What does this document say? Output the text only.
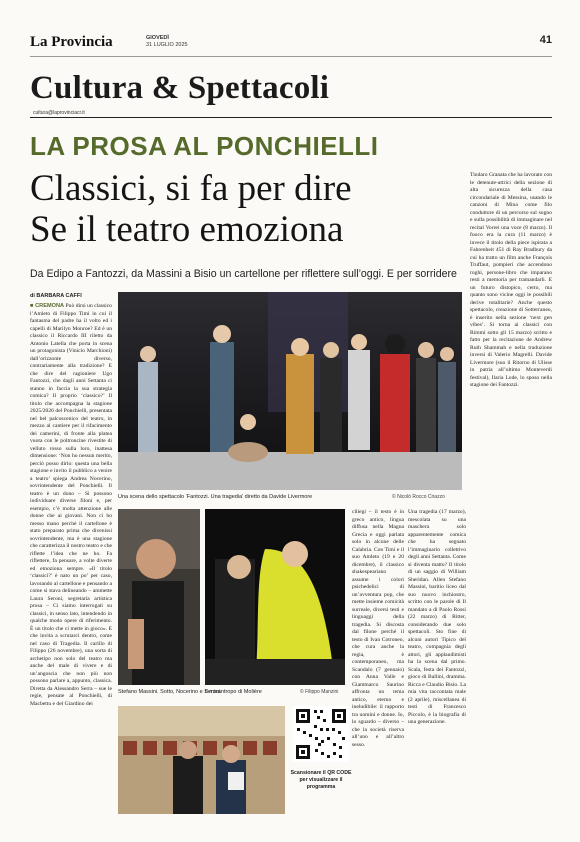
La Provincia	GIOVEDÌ
31 LUGLIO 2025	41
Cultura & Spettacoli
cultura@laprovinciacr.it
LA PROSA AL PONCHIELLI
Classici, si fa per dire
Se il teatro emoziona
Da Edipo a Fantozzi, da Massini a Bisio un cartellone per riflettere sull’oggi. E per sorridere
di BARBARA CAFFI
■ CREMONA Può dirsi un classico l’Amleto di Filippo Timi in cui il fantasma del padre ha il volto ed i capelli di Marilyn Monroe? Ed è un classico il Riccardo III riletto da Antonio Latella che porta in scena un protagonista (Vinicio Marchioni) dall’orizzonte diverso, contrariamente alla tradizione? E che dire del ragioniere Ugo Fantozzi, che dagli anni Settanta ci stanno in faccia la sua strategia comica? Il proprio ‘classico?’ Il titolo che accompagna la stagione 2025/2026 del Ponchielli, presentata nel bel palcoscenico del teatro, in mezzo al cantiere per il rifacimento dei camerini, di fronte alla platea vuota con le poltroncine rivestite di velluto rosso sulla loro, inattesa dimensione: ‘Non ho nessun merito, perciò posso dirlo: questa una bella stagione e invito il pubblico a venire a teatro’ spiega Andrea Nocerino, sovrintendente del Ponchielli. Il teatro è un dono – Si possono individuare diverse filoni e, per esempio, c’è molta attenzione alle donne che ai giovani. Non ci ho messo mano perché il cartellone è stato preparato prima che divenissi sovrintendente, ma è una stagione che caratterizza il nostro teatro e che riflette l’idea che ne ho. Fa riflettere, fa pensare, a volte diverte ed emoziona sempre. «Il titolo ‘classici?’ è nato un po’ per caso, lavorando al cartellone e pensando a come si stava delineando – ammette Laura Seroni, segretaria artistica prosa – Ci siamo interrogati su classici, in senso lato, intendendo in qualche modo opere di riferimento. È un titolo che ci mette in gioco». E che invita a scrutarci dentro, come nel caso di Tragedia. Il carillo di Filippo (26 novembre), una sorta di archetipo non solo del teatro ma anche del male di vivere e di un’angoscia che non più non possono parlare a, appunto, classica. Diretta da Alessandro Serra – sue le regie, pensate al Ponchielli, di Macbettu e del Giardino dei
Tindaro Granata che ha lavorato con le detenute-attrici della sezione di alta sicurezza della casa circondariale di Messina, usando le canzoni di Mina come filo conduttore di un percorso sul sogno e sulla possibilità di immaginare nel recital Vorrei una voce (8 marzo). Il fuoco era la cura (11 marzo) è invece il titolo della piece ispirata a Fahrenheit 451 di Ray Bradbury da cui ha tratto un film anche François Truffaut, pompieri che accendono roghi, persone-libro che imparano resti a memoria per tramandarli. E un futuro distopico, certo, ma quanto sono vicine oggi le possibili derive totalitarie? Anche questo spettacolo, creazione di Sotterraneo, è inserito nella sezione ‘next gen vibes’. Si torna ai classici con Rimmi sotto gli 15 marzo) scritto e fatto per la recitazione de Andrew Ruth Shammah e nella traduzione inversi di Valerio Magrelli. Davide Livermore (suo il Ritorno di Ulisse in patria all’ultimo Monteverdi festival), Ilaria Lode, lo sposo nella stagione dei Fantozzi.
Una scena dello spettacolo ‘Fantozzi. Una tragedia’ diretto da Davide Livermore	© Nicolò Rocco Criazzo
Stefano Massini. Sotto, Nocerino e Seroni
Il misantropo di Molière	© Filippo Manzini
Scansionare il QR CODE per visualizzare il programma
ciliegi – il testo è in greco antico, lingua diffusa nella Magna Grecia e oggi parlata solo in alcune delle Calabria. Con Timi e il suo Amleto (19 e 20 dicembre), il classico shakespeariano assume i colori psichedelici di un’avventura pop, che mette insieme comicità surreale, diversi testi e linguaggi della tragedia. Si discosta dal filone perché il testo di Ivan Cotroneo, che cura anche la regia, è contemporaneo, ma Scandalo (7 gennaio) con Anna Valle e Giammarco Saurino affronta un tema antico, eterno e ineludibile: il rapporto tra uomini e donne. Io, lo sguardo – diverso – che la società riserva all’uno e all’altro sesso.
Una tragedia (17 marzo), mescolata su una maschera solo apparentemente comica che ha segnato l’immaginario collettivo degli anni Settanta. Come si diventa matto? Il titolo di un saggio di William Sheridan. Allen Stefano Massini, baritio liceo dal suo nuovo inchiostro, scritto con le parole di Il mandato a di Paolo Rossi (22 marzo) di Ritter, considerando due solo spettacoli. Sto fine di alcuni autori Tipico del teatro, compagnia degli attori, gli applaudimisti ha la scena dal primo. Scala, festa dei Fantozzi, gioco di Ballini, dramma. Ricca e Claudio Bisio. La mia vita raccontata male (2 aprile), miscellanea di testi di Francesco Piccolo, è la biografia di una generazione.
